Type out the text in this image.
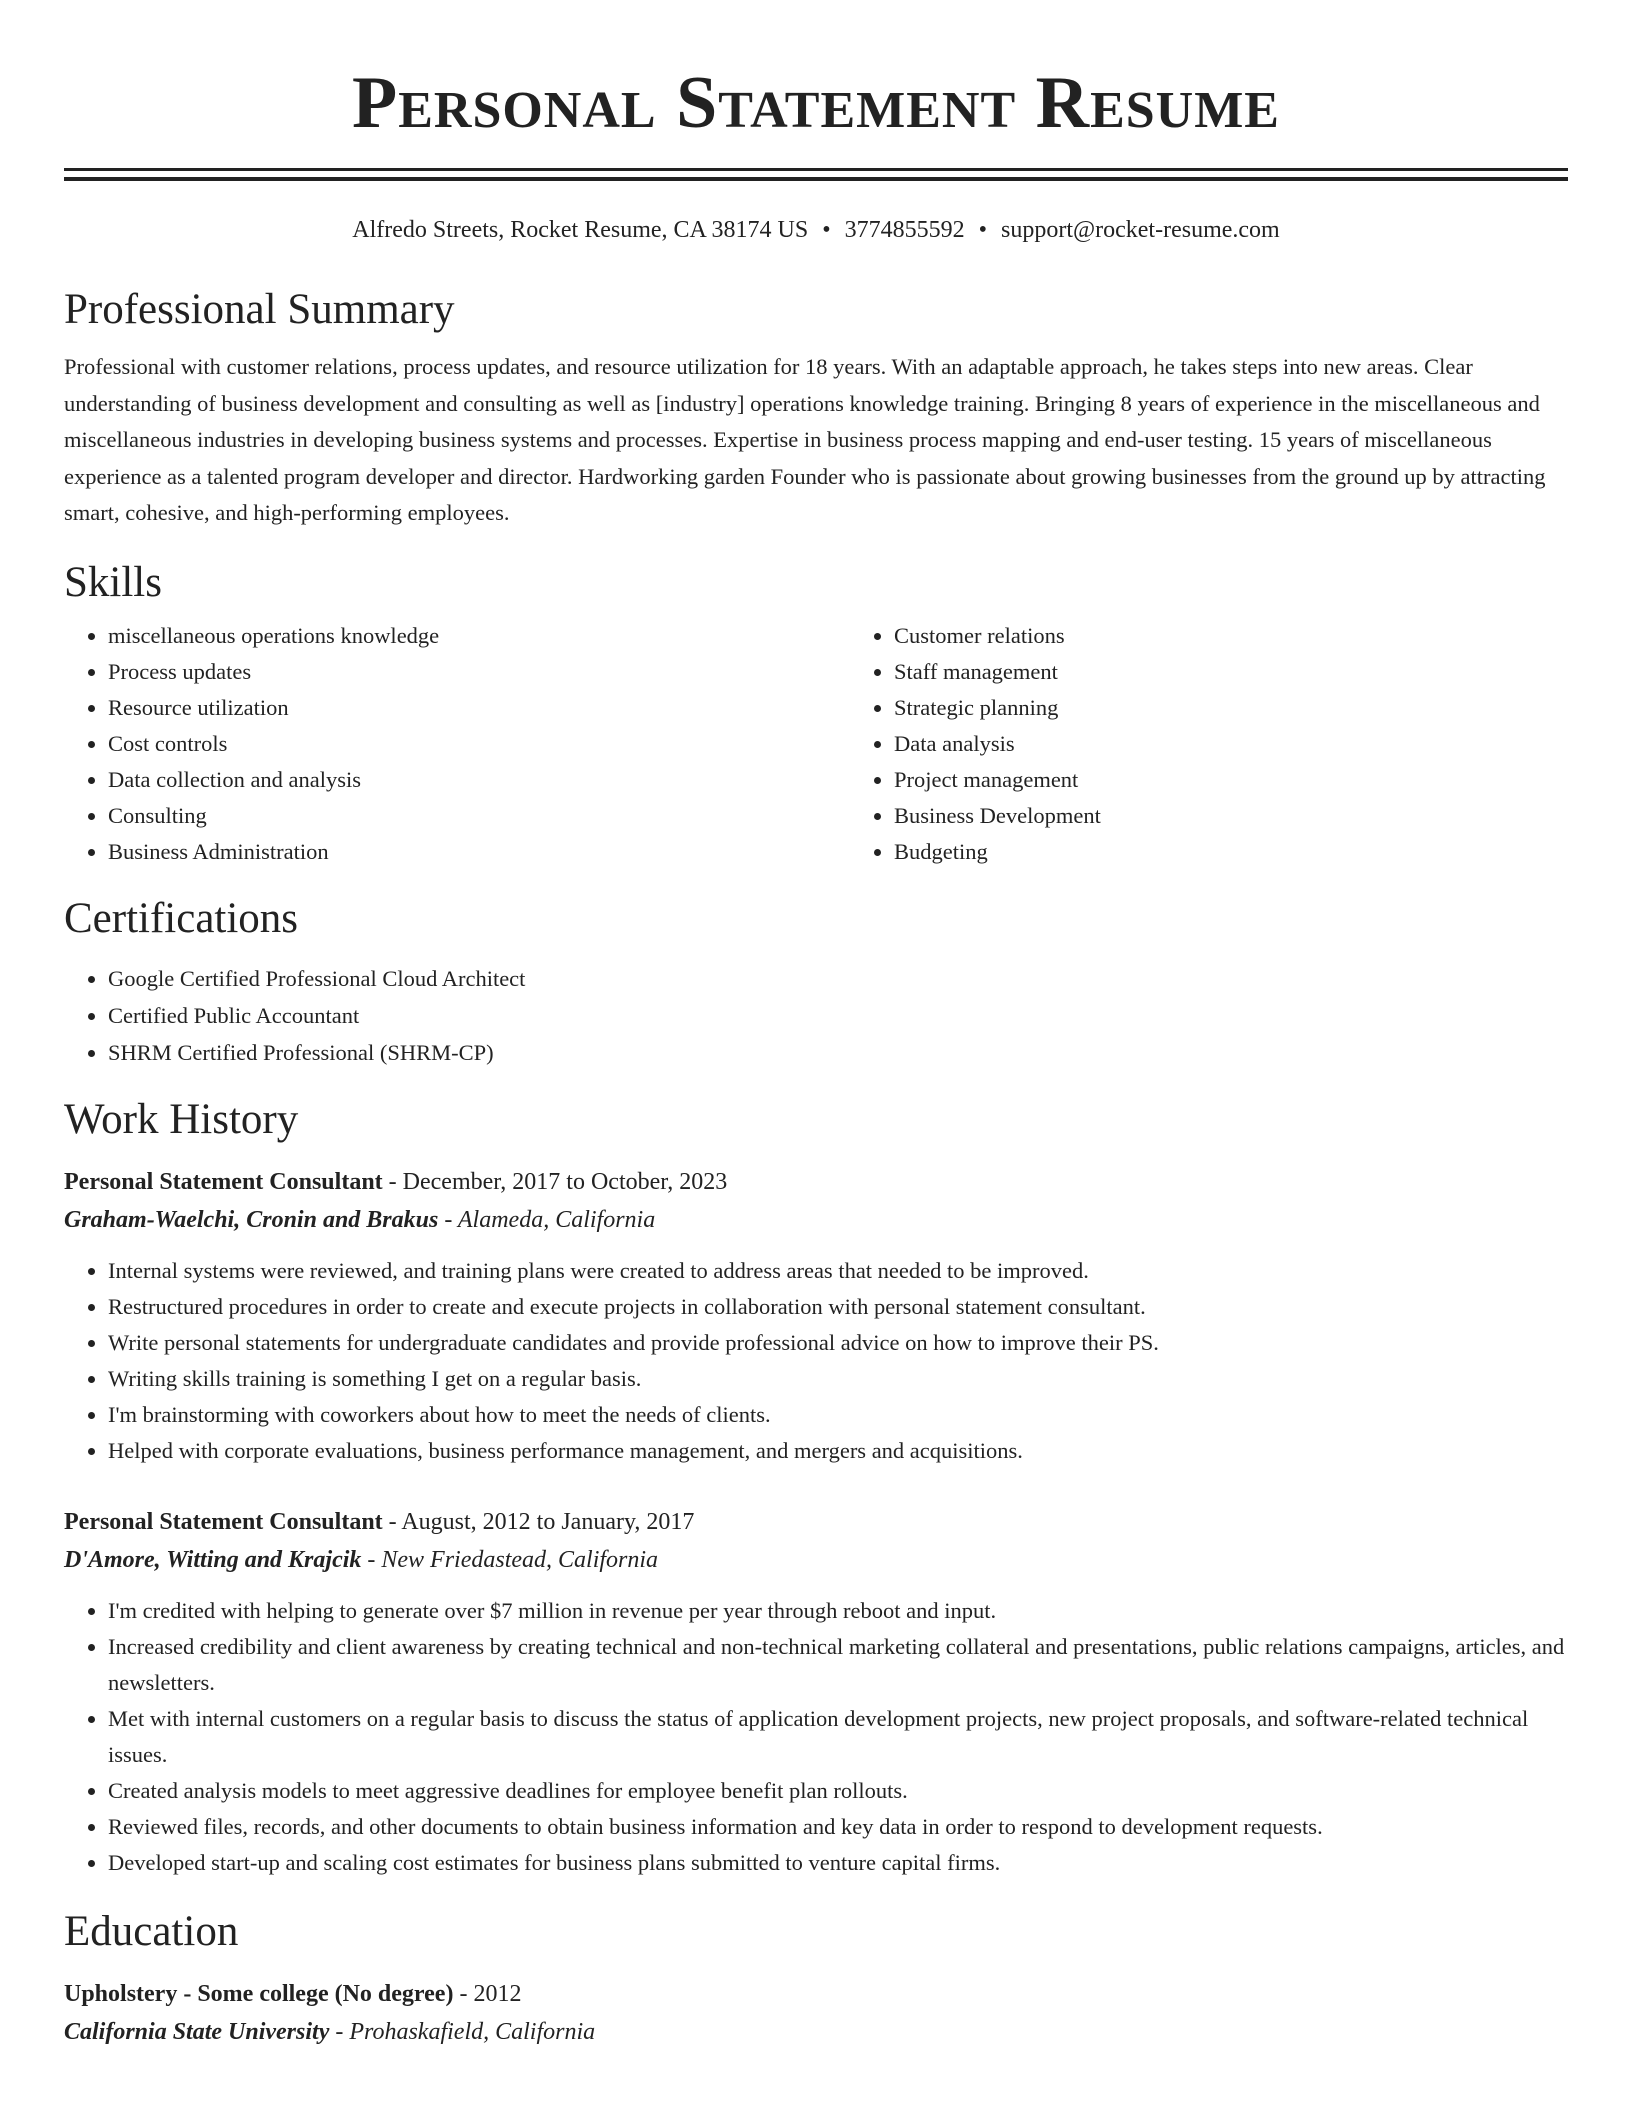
Personal Statement Resume
Alfredo Streets, Rocket Resume, CA 38174 US • 3774855592 • support@rocket-resume.com
Professional Summary

Professional with customer relations, process updates, and resource utilization for 18 years. With an adaptable approach, he takes steps into new areas. Clear understanding of business development and consulting as well as [industry] operations knowledge training. Bringing 8 years of experience in the miscellaneous and miscellaneous industries in developing business systems and processes. Expertise in business process mapping and end-user testing. 15 years of miscellaneous experience as a talented program developer and director. Hardworking garden Founder who is passionate about growing businesses from the ground up by attracting smart, cohesive, and high-performing employees.

Skills
• miscellaneous operations knowledge
• Process updates
• Resource utilization
• Cost controls
• Data collection and analysis
• Consulting
• Business Administration
• Customer relations
• Staff management
• Strategic planning
• Data analysis
• Project management
• Business Development
• Budgeting
Certifications
• Google Certified Professional Cloud Architect
• Certified Public Accountant
• SHRM Certified Professional (SHRM-CP)
Work History
Personal Statement Consultant - December, 2017 to October, 2023
Graham-Waelchi, Cronin and Brakus - Alameda, California
• Internal systems were reviewed, and training plans were created to address areas that needed to be improved.
• Restructured procedures in order to create and execute projects in collaboration with personal statement consultant.
• Write personal statements for undergraduate candidates and provide professional advice on how to improve their PS.
• Writing skills training is something I get on a regular basis.
• I'm brainstorming with coworkers about how to meet the needs of clients.
• Helped with corporate evaluations, business performance management, and mergers and acquisitions.
Personal Statement Consultant - August, 2012 to January, 2017
D'Amore, Witting and Krajcik - New Friedastead, California
• I'm credited with helping to generate over $7 million in revenue per year through reboot and input.
• Increased credibility and client awareness by creating technical and non-technical marketing collateral and presentations, public relations campaigns, articles, and newsletters.
• Met with internal customers on a regular basis to discuss the status of application development projects, new project proposals, and software-related technical issues.
• Created analysis models to meet aggressive deadlines for employee benefit plan rollouts.
• Reviewed files, records, and other documents to obtain business information and key data in order to respond to development requests.
• Developed start-up and scaling cost estimates for business plans submitted to venture capital firms.
Education
Upholstery - Some college (No degree) - 2012
California State University - Prohaskafield, California
